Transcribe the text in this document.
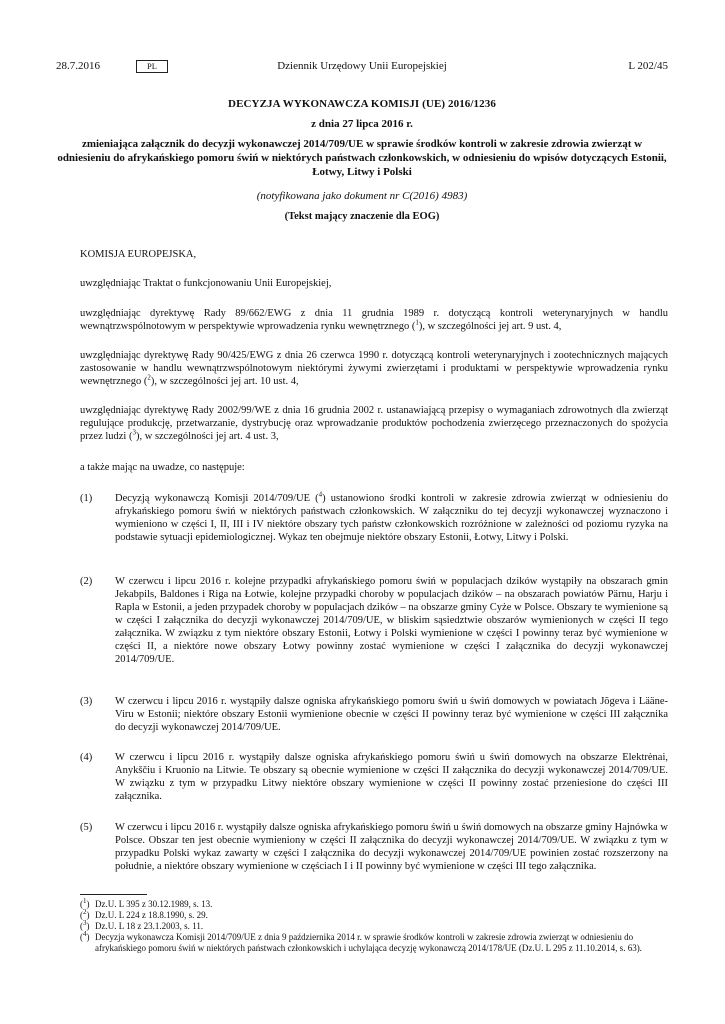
28.7.2016	PL	Dziennik Urzędowy Unii Europejskiej	L 202/45
DECYZJA WYKONAWCZA KOMISJI (UE) 2016/1236
z dnia 27 lipca 2016 r.
zmieniająca załącznik do decyzji wykonawczej 2014/709/UE w sprawie środków kontroli w zakresie zdrowia zwierząt w odniesieniu do afrykańskiego pomoru świń w niektórych państwach członkowskich, w odniesieniu do wpisów dotyczących Estonii, Łotwy, Litwy i Polski
(notyfikowana jako dokument nr C(2016) 4983)
(Tekst mający znaczenie dla EOG)
KOMISJA EUROPEJSKA,
uwzględniając Traktat o funkcjonowaniu Unii Europejskiej,
uwzględniając dyrektywę Rady 89/662/EWG z dnia 11 grudnia 1989 r. dotyczącą kontroli weterynaryjnych w handlu wewnątrzwspólnotowym w perspektywie wprowadzenia rynku wewnętrznego ($^1$), w szczególności jej art. 9 ust. 4,
uwzględniając dyrektywę Rady 90/425/EWG z dnia 26 czerwca 1990 r. dotyczącą kontroli weterynaryjnych i zootechnicznych mających zastosowanie w handlu wewnątrzwspólnotowym niektórymi żywymi zwierzętami i produktami w perspektywie wprowadzenia rynku wewnętrznego ($^2$), w szczególności jej art. 10 ust. 4,
uwzględniając dyrektywę Rady 2002/99/WE z dnia 16 grudnia 2002 r. ustanawiającą przepisy o wymaganiach zdrowotnych dla zwierząt regulujące produkcję, przetwarzanie, dystrybucję oraz wprowadzanie produktów pochodzenia zwierzęcego przeznaczonych do spożycia przez ludzi ($^3$), w szczególności jej art. 4 ust. 3,
a także mając na uwadze, co następuje:
(1) Decyzją wykonawczą Komisji 2014/709/UE ($^4$) ustanowiono środki kontroli w zakresie zdrowia zwierząt w odniesieniu do afrykańskiego pomoru świń w niektórych państwach członkowskich. W załączniku do tej decyzji wykonawczej wyznaczono i wymieniono w części I, II, III i IV niektóre obszary tych państw członkowskich rozróżnione w zależności od poziomu ryzyka na podstawie sytuacji epidemiologicznej. Wykaz ten obejmuje niektóre obszary Estonii, Łotwy, Litwy i Polski.
(2) W czerwcu i lipcu 2016 r. kolejne przypadki afrykańskiego pomoru świń w populacjach dzików wystąpiły na obszarach gmin Jekabpils, Baldones i Riga na Łotwie, kolejne przypadki choroby w populacjach dzików – na obszarach powiatów Pärnu, Harju i Rapla w Estonii, a jeden przypadek choroby w populacjach dzików – na obszarze gminy Cyżе w Polsce. Obszary te wymienione są w części I załącznika do decyzji wykonawczej 2014/709/UE, w bliskim sąsiedztwie obszarów wymienionych w części II tego załącznika. W związku z tym niektóre obszary Estonii, Łotwy i Polski wymienione w części I powinny teraz być wymienione w części II, a niektóre nowe obszary Łotwy powinny zostać wymienione w części I załącznika do decyzji wykonawczej 2014/709/UE.
(3) W czerwcu i lipcu 2016 r. wystąpiły dalsze ogniska afrykańskiego pomoru świń u świń domowych w powiatach Jõgeva i Lääne-Viru w Estonii; niektóre obszary Estonii wymienione obecnie w części II powinny teraz być wymienione w części III załącznika do decyzji wykonawczej 2014/709/UE.
(4) W czerwcu i lipcu 2016 r. wystąpiły dalsze ogniska afrykańskiego pomoru świń u świń domowych na obszarze Elektrėnai, Anykščiu i Kruonio na Litwie. Te obszary są obecnie wymienione w części II załącznika do decyzji wykonawczej 2014/709/UE. W związku z tym w przypadku Litwy niektóre obszary wymienione w części II powinny zostać przeniesione do części III załącznika.
(5) W czerwcu i lipcu 2016 r. wystąpiły dalsze ogniska afrykańskiego pomoru świń u świń domowych na obszarze gminy Hajnówka w Polsce. Obszar ten jest obecnie wymieniony w części II załącznika do decyzji wykonawczej 2014/709/UE. W związku z tym w przypadku Polski wykaz zawarty w części I załącznika do decyzji wykonawczej 2014/709/UE powinien zostać rozszerzony na południe, a niektóre obszary wymienione w częściach I i II powinny być wymienione w części III tego załącznika.
($^1$) Dz.U. L 395 z 30.12.1989, s. 13.
($^2$) Dz.U. L 224 z 18.8.1990, s. 29.
($^3$) Dz.U. L 18 z 23.1.2003, s. 11.
($^4$) Decyzja wykonawcza Komisji 2014/709/UE z dnia 9 października 2014 r. w sprawie środków kontroli w zakresie zdrowia zwierząt w odniesieniu do afrykańskiego pomoru świń w niektórych państwach członkowskich i uchylająca decyzję wykonawczą 2014/178/UE (Dz.U. L 295 z 11.10.2014, s. 63).
